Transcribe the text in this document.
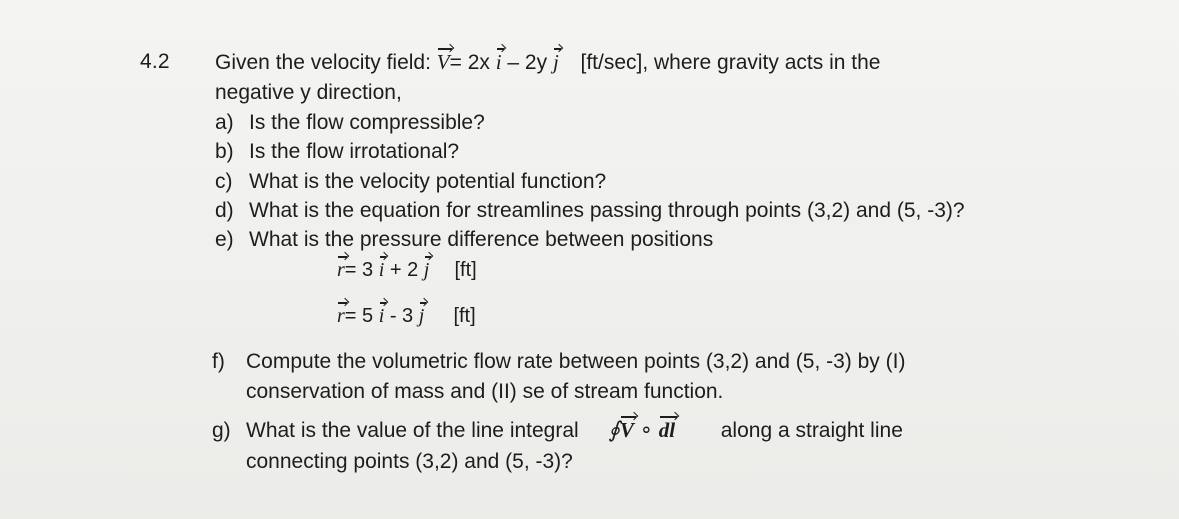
4.2 Given the velocity field: V= 2x i – 2y j [ft/sec], where gravity acts in the
negative y direction,
a) Is the flow compressible?
b) Is the flow irrotational?
c) What is the velocity potential function?
d) What is the equation for streamlines passing through points (3,2) and (5, -3)?
e) What is the pressure difference between positions
r= 3 i + 2 j [ft]
r= 5 i - 3 j [ft]
f) Compute the volumetric flow rate between points (3,2) and (5, -3) by (I)
conservation of mass and (II) se of stream function.
g) What is the value of the line integral ∮V ∘ dl along a straight line
connecting points (3,2) and (5, -3)?
